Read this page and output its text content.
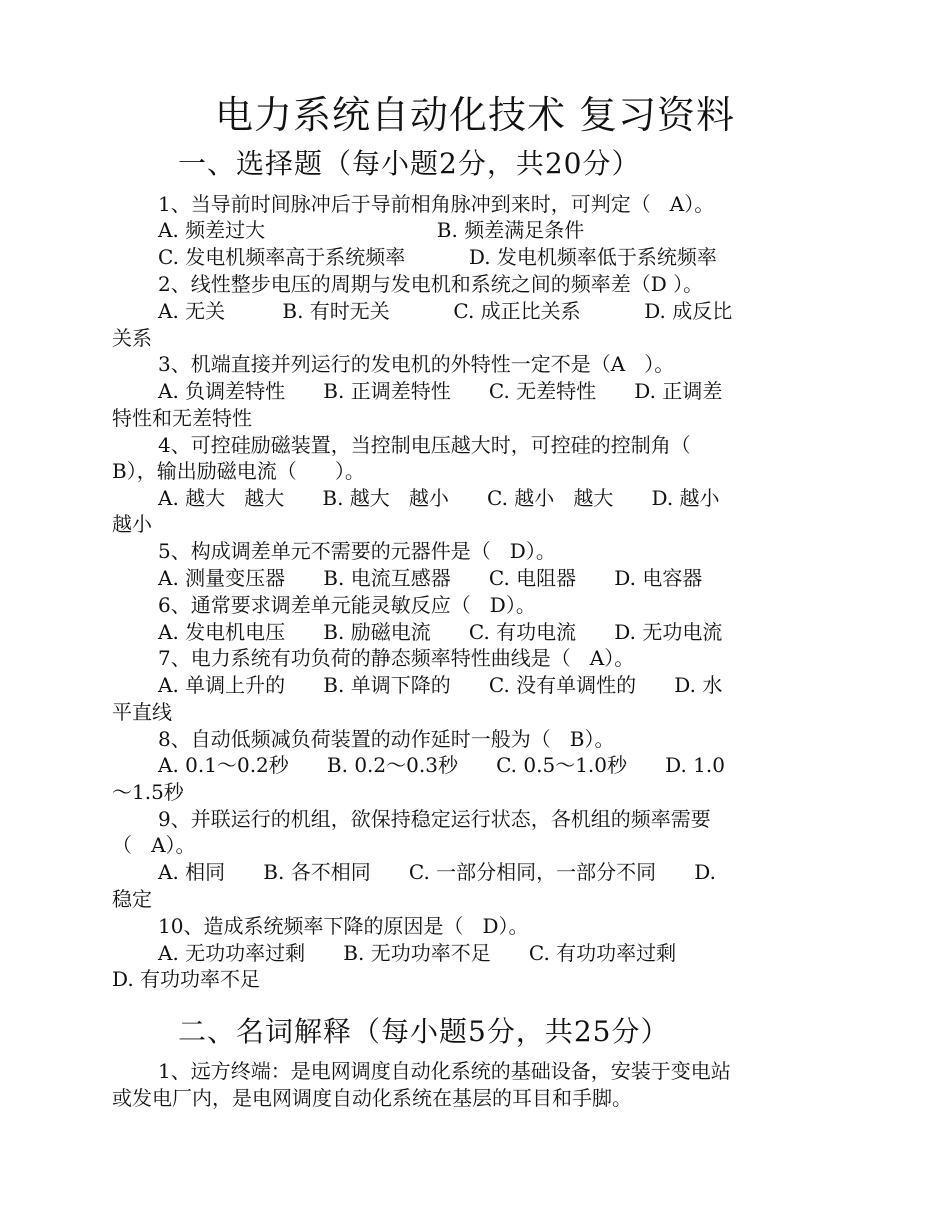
电力系统自动化技术 复习资料
一、选择题（每小题2分，共20分）
1、当导前时间脉冲后于导前相角脉冲到来时，可判定（   A）。
A. 频差过大                           B. 频差满足条件
C. 发电机频率高于系统频率          D. 发电机频率低于系统频率
2、线性整步电压的周期与发电机和系统之间的频率差（D ）。
A. 无关         B. 有时无关          C. 成正比关系          D. 成反比
关系
3、机端直接并列运行的发电机的外特性一定不是（A   ）。
A. 负调差特性      B. 正调差特性      C. 无差特性      D. 正调差
特性和无差特性
4、可控硅励磁装置，当控制电压越大时，可控硅的控制角（
B），输出励磁电流（      ）。
A. 越大   越大      B. 越大   越小      C. 越小   越大      D. 越小
越小
5、构成调差单元不需要的元器件是（   D）。
A. 测量变压器      B. 电流互感器      C. 电阻器      D. 电容器
6、通常要求调差单元能灵敏反应（   D）。
A. 发电机电压      B. 励磁电流      C. 有功电流      D. 无功电流
7、电力系统有功负荷的静态频率特性曲线是（   A）。
A. 单调上升的      B. 单调下降的      C. 没有单调性的      D. 水
平直线
8、自动低频减负荷装置的动作延时一般为（   B）。
A. 0.1～0.2秒      B. 0.2～0.3秒      C. 0.5～1.0秒      D. 1.0
～1.5秒
9、并联运行的机组，欲保持稳定运行状态，各机组的频率需要
（   A）。
A. 相同      B. 各不相同      C. 一部分相同，一部分不同      D.
稳定
10、造成系统频率下降的原因是（   D）。
A. 无功功率过剩      B. 无功功率不足      C. 有功功率过剩
D. 有功功率不足
二、名词解释（每小题5分，共25分）
1、远方终端：是电网调度自动化系统的基础设备，安装于变电站
或发电厂内，是电网调度自动化系统在基层的耳目和手脚。
